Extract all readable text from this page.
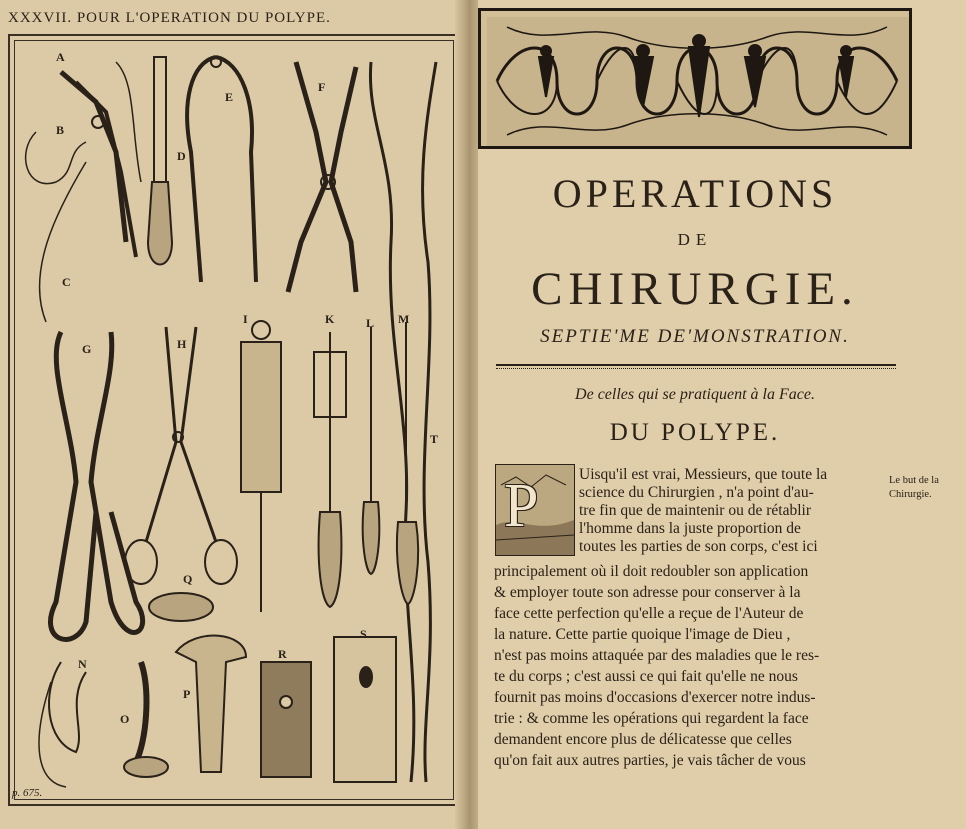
XXXVII. POUR L'OPERATION DU POLYPE.
A
B
C
D
E
F
G	H
I	K	L M
N
O
P
Q
R
S
T
p. 675.
OPERATIONS
DE
CHIRURGIE.
SEPTIE'ME DE'MONSTRATION.
De celles qui se pratiquent à la Face.
DU POLYPE.
P	Uisqu'il est vrai, Messieurs, que toute la
science du Chirurgien , n'a point d'au-
tre fin que de maintenir ou de rétablir
l'homme dans la juste proportion de
toutes les parties de son corps, c'est ici
principalement où il doit redoubler son application
& employer toute son adresse pour conserver à la
face cette perfection qu'elle a reçue de l'Auteur de
la nature. Cette partie quoique l'image de Dieu ,
n'est pas moins attaquée par des maladies que le res-
te du corps ; c'est aussi ce qui fait qu'elle ne nous
fournit pas moins d'occasions d'exercer notre indus-
trie : & comme les opérations qui regardent la face
demandent encore plus de délicatesse que celles
qu'on fait aux autres parties, je vais tâcher de vous
Le but de la
Chirurgie.
